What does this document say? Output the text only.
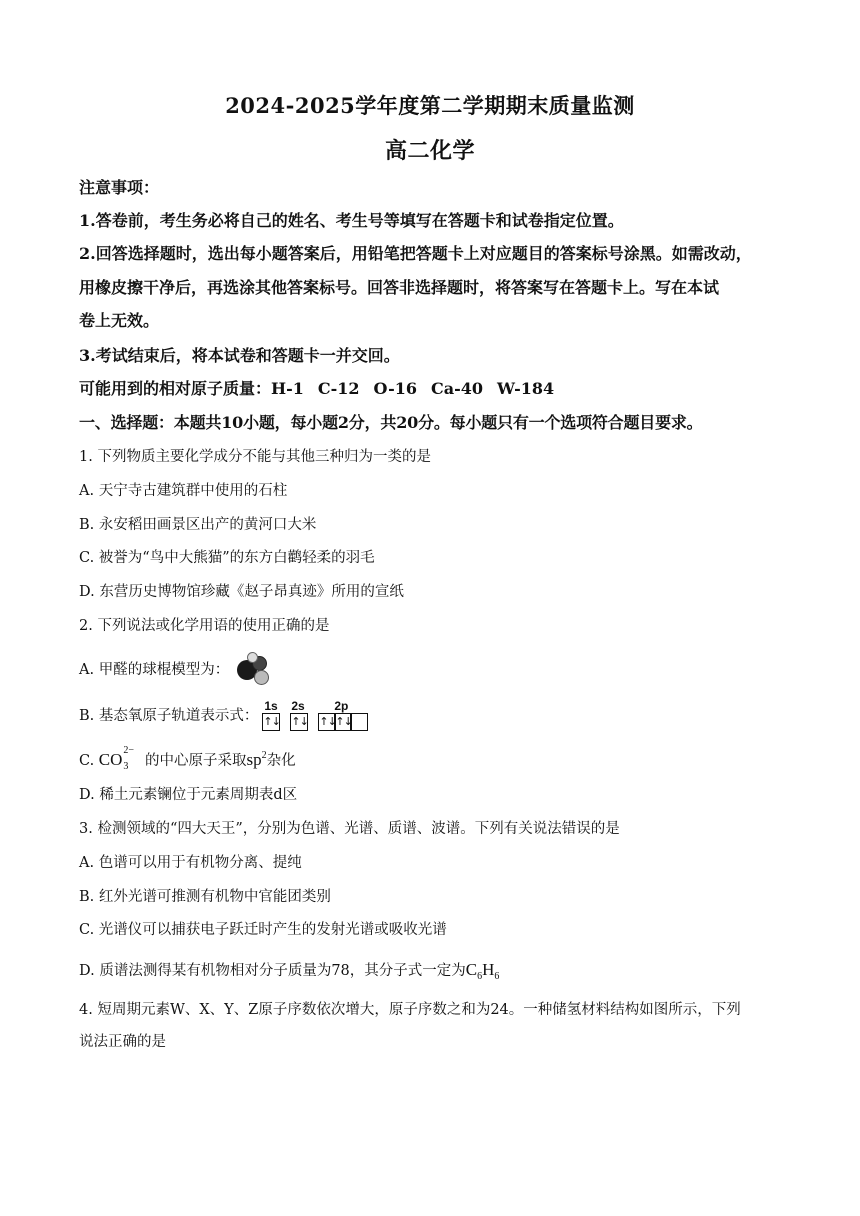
2024-2025学年度第二学期期末质量监测
高二化学
注意事项：
1.答卷前，考生务必将自己的姓名、考生号等填写在答题卡和试卷指定位置。
2.回答选择题时，选出每小题答案后，用铅笔把答题卡上对应题目的答案标号涂黑。如需改动，
用橡皮擦干净后，再选涂其他答案标号。回答非选择题时，将答案写在答题卡上。写在本试
卷上无效。
3.考试结束后，将本试卷和答题卡一并交回。
可能用到的相对原子质量：H-1 C-12 O-16 Ca-40 W-184
一、选择题：本题共10小题，每小题2分，共20分。每小题只有一个选项符合题目要求。
1. 下列物质主要化学成分不能与其他三种归为一类的是
A. 天宁寺古建筑群中使用的石柱
B. 永安稻田画景区出产的黄河口大米
C. 被誉为“鸟中大熊猫”的东方白鹳轻柔的羽毛
D. 东营历史博物馆珍藏《赵子昂真迹》所用的宣纸
2. 下列说法或化学用语的使用正确的是
A. 甲醛的球棍模型为：
B. 基态氧原子轨道表示式：
1s 2s 2p
↑↓ ↑↓ ↑↓ ↑↓
C. CO 2−
3 的中心原子采取$sp^2$杂化
D. 稀土元素镧位于元素周期表d区
3. 检测领域的“四大天王”，分别为色谱、光谱、质谱、波谱。下列有关说法错误的是
A. 色谱可以用于有机物分离、提纯
B. 红外光谱可推测有机物中官能团类别
C. 光谱仪可以捕获电子跃迁时产生的发射光谱或吸收光谱
D. 质谱法测得某有机物相对分子质量为78，其分子式一定为$C_6H_6$
4. 短周期元素W、X、Y、Z原子序数依次增大，原子序数之和为24。一种储氢材料结构如图所示，下列
说法正确的是
